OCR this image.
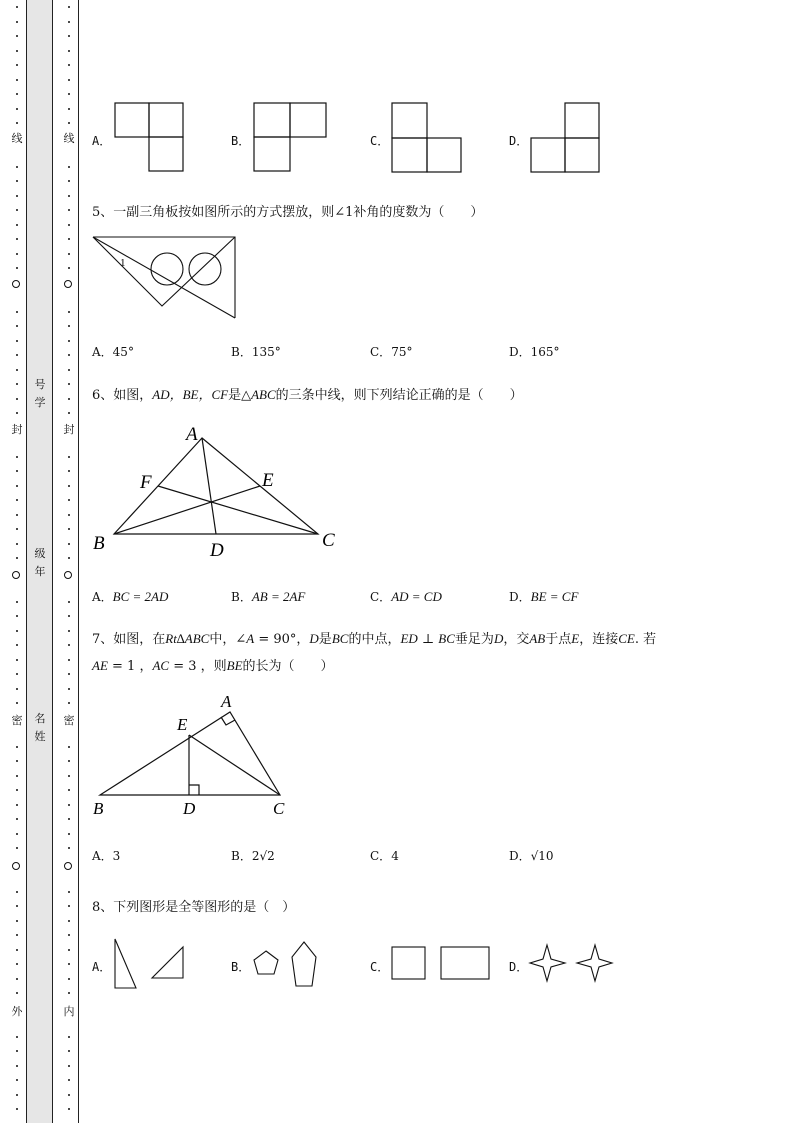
线
封
密
外
线
封
密
内
号学
级年
名姓
A．	B．	C．	D．
5、一副三角板按如图所示的方式摆放，则∠1补角的度数为（　　）
1
A．45°	B．135°	C．75°	D．165°
6、如图，AD，BE，CF是△ABC的三条中线，则下列结论正确的是（　　）
A
B	C
D
E
F
A．BC = 2AD	B．AB = 2AF	C．AD = CD	D．BE = CF
7、如图，在Rt∆ABC中，∠A = 90°，D是BC的中点，ED ⊥ BC垂足为D，交AB于点E，连接CE. 若
AE = 1 ，AC = 3 ，则BE的长为（　　）
A
B	C
D
E
A．3	B．2√2	C．4	D．√10
8、下列图形是全等图形的是（　）
A．	B．	C．	D．
